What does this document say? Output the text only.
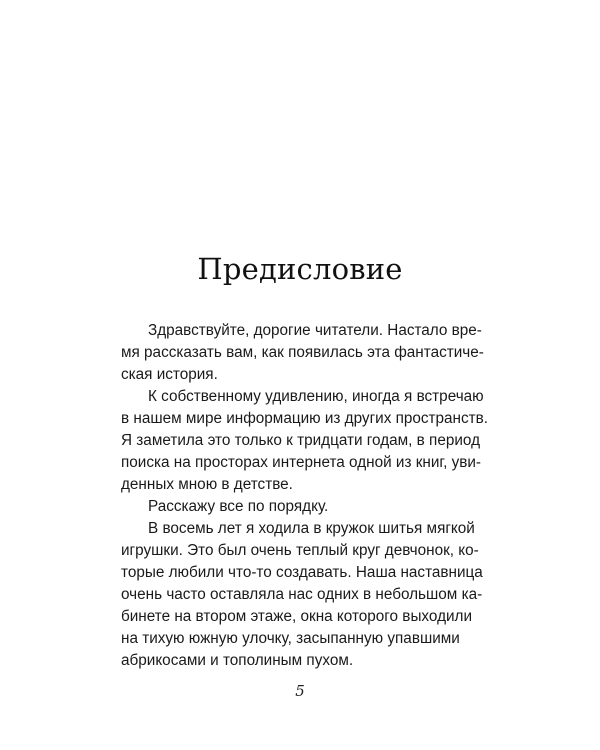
Предисловие
Здравствуйте, дорогие читатели. Настало вре-
мя рассказать вам, как появилась эта фантастиче-
ская история.
К собственному удивлению, иногда я встречаю
в нашем мире информацию из других пространств.
Я заметила это только к тридцати годам, в период
поиска на просторах интернета одной из книг, уви-
денных мною в детстве.
Расскажу все по порядку.
В восемь лет я ходила в кружок шитья мягкой
игрушки. Это был очень теплый круг девчонок, ко-
торые любили что-то создавать. Наша наставница
очень часто оставляла нас одних в небольшом ка-
бинете на втором этаже, окна которого выходили
на тихую южную улочку, засыпанную упавшими
абрикосами и тополиным пухом.
5
